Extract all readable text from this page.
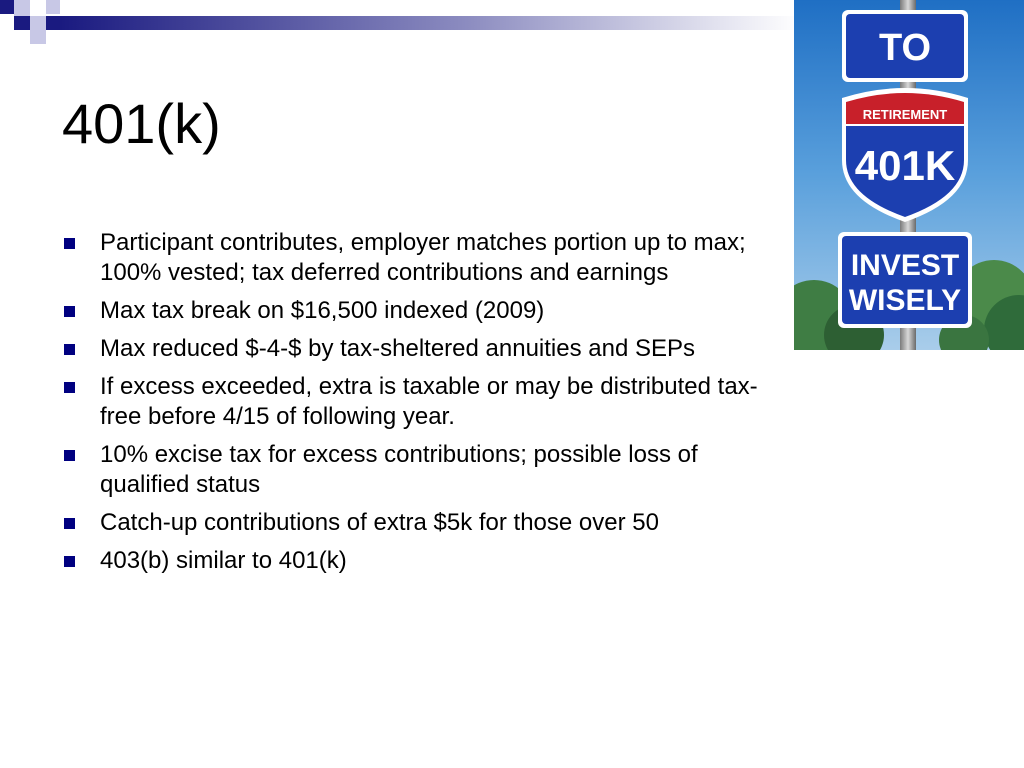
401(k)
Participant contributes, employer matches portion up to max; 100% vested; tax deferred contributions and earnings
Max tax break on $16,500 indexed (2009)
Max reduced $-4-$ by tax-sheltered annuities and SEPs
If excess exceeded, extra is taxable or may be distributed tax-free before 4/15 of following year.
10% excise tax for excess contributions; possible loss of qualified status
Catch-up contributions of extra $5k for those over 50
403(b) similar to 401(k)
TO
RETIREMENT
401K
INVEST
WISELY
